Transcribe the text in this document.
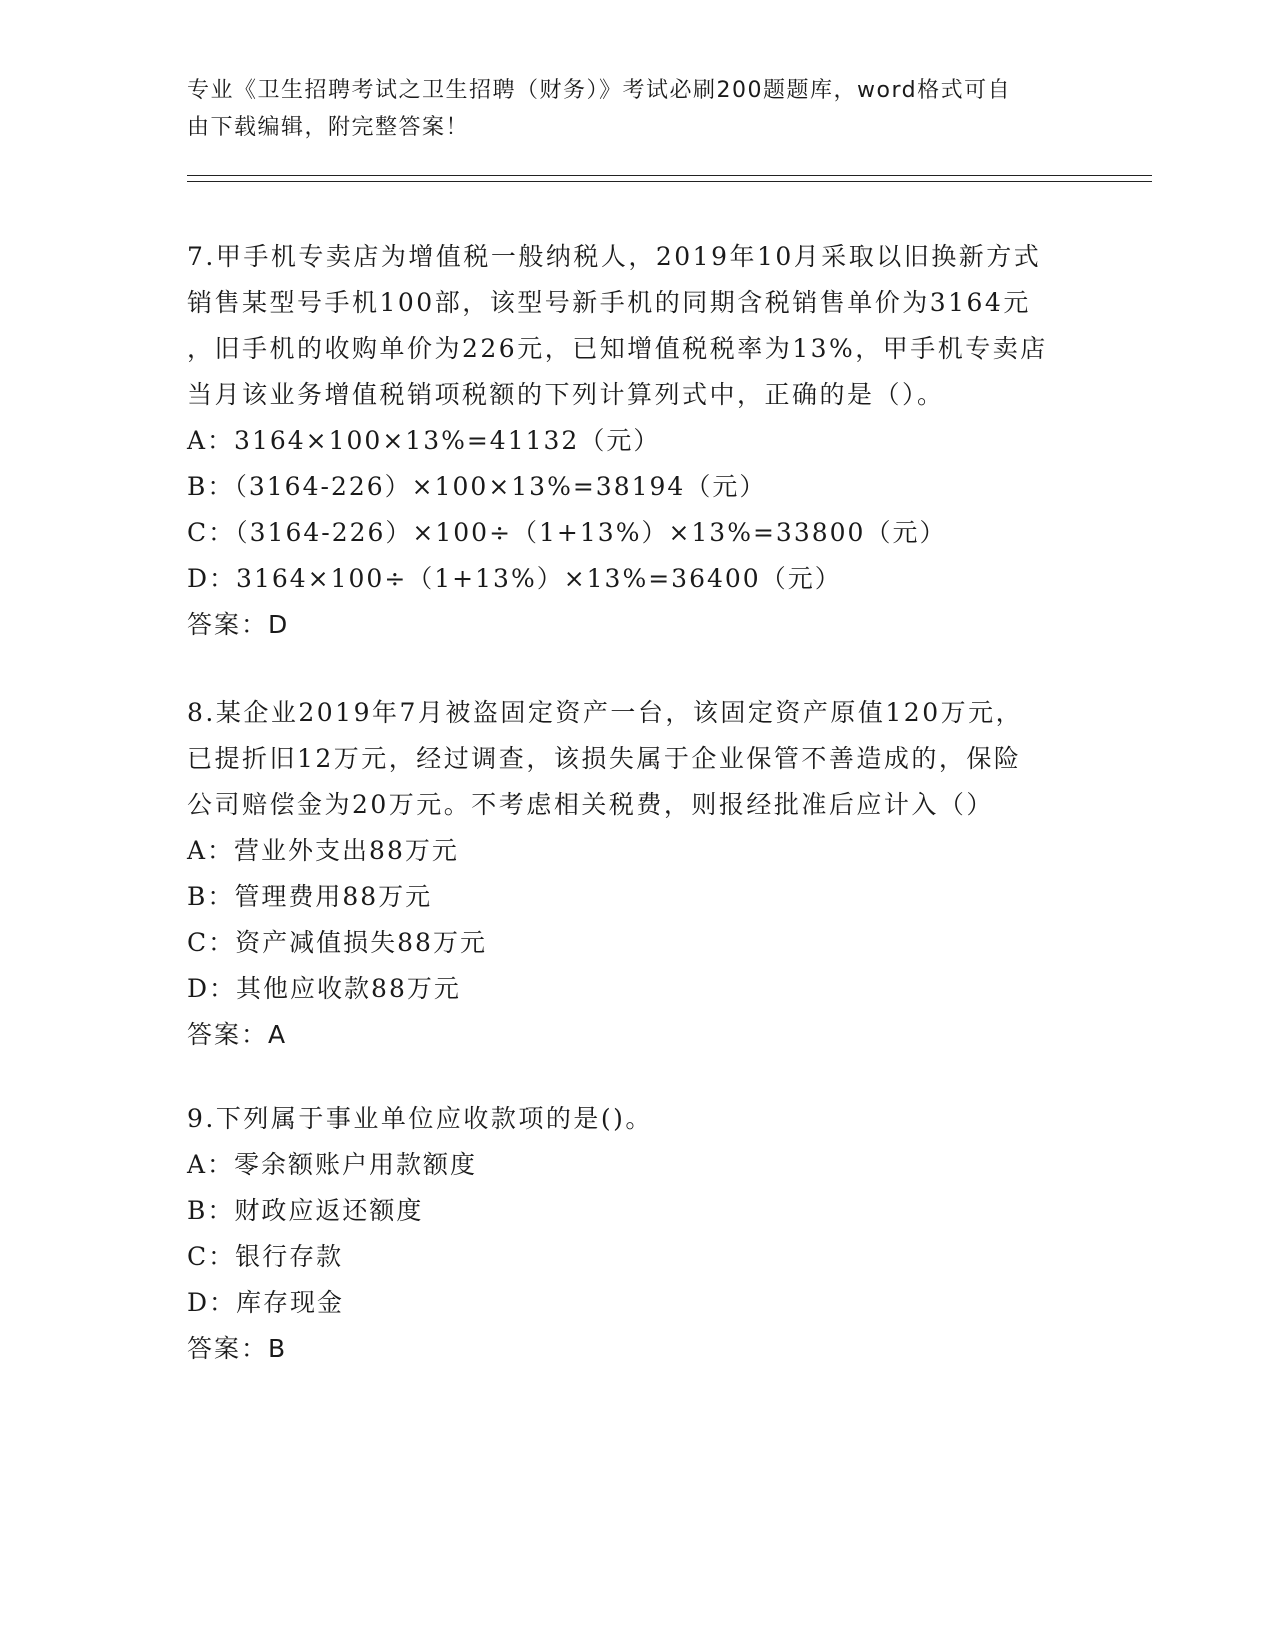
专业《卫生招聘考试之卫生招聘（财务）》考试必刷200题题库，word格式可自
由下载编辑，附完整答案！

7.甲手机专卖店为增值税一般纳税人，2019年10月采取以旧换新方式

销售某型号手机100部，该型号新手机的同期含税销售单价为3164元

，旧手机的收购单价为226元，已知增值税税率为13%，甲手机专卖店

当月该业务增值税销项税额的下列计算列式中，正确的是（）。

A：3164×100×13%=41132（元）

B：（3164-226）×100×13%=38194（元）

C：（3164-226）×100÷（1+13%）×13%=33800（元）

D：3164×100÷（1+13%）×13%=36400（元）

答案：D

8.某企业2019年7月被盗固定资产一台，该固定资产原值120万元，

已提折旧12万元，经过调查，该损失属于企业保管不善造成的，保险

公司赔偿金为20万元。不考虑相关税费，则报经批准后应计入（）

A：营业外支出88万元

B：管理费用88万元

C：资产减值损失88万元

D：其他应收款88万元

答案：A

9.下列属于事业单位应收款项的是()。

A：零余额账户用款额度

B：财政应返还额度

C：银行存款

D：库存现金

答案：B
